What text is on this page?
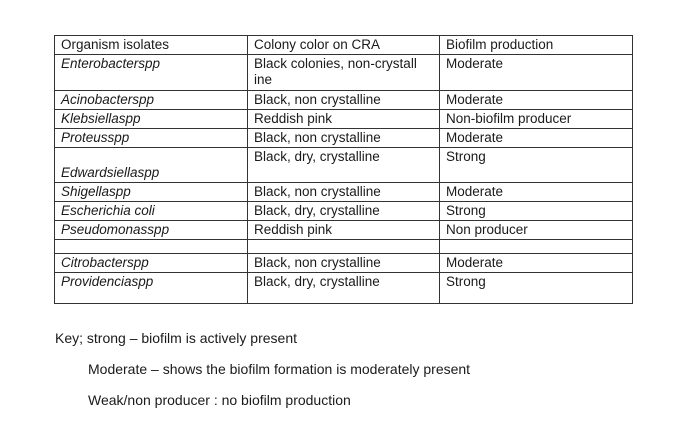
Organism isolates	Colony color on CRA	Biofilm production
Enterobacterspp	Black colonies, non-crystall ine	Moderate
Acinobacterspp	Black, non crystalline	Moderate
Klebsiellaspp	Reddish pink	Non-biofilm producer
Proteusspp	Black, non crystalline	Moderate
Edwardsiellaspp	Black, dry, crystalline	Strong
Shigellaspp	Black, non crystalline	Moderate
Escherichia coli	Black, dry, crystalline	Strong
Pseudomonasspp	Reddish pink	Non producer

Citrobacterspp	Black, non crystalline	Moderate
Providenciaspp	Black, dry, crystalline	Strong
Key; strong – biofilm is actively present
Moderate – shows the biofilm formation is moderately present
Weak/non producer : no biofilm production
